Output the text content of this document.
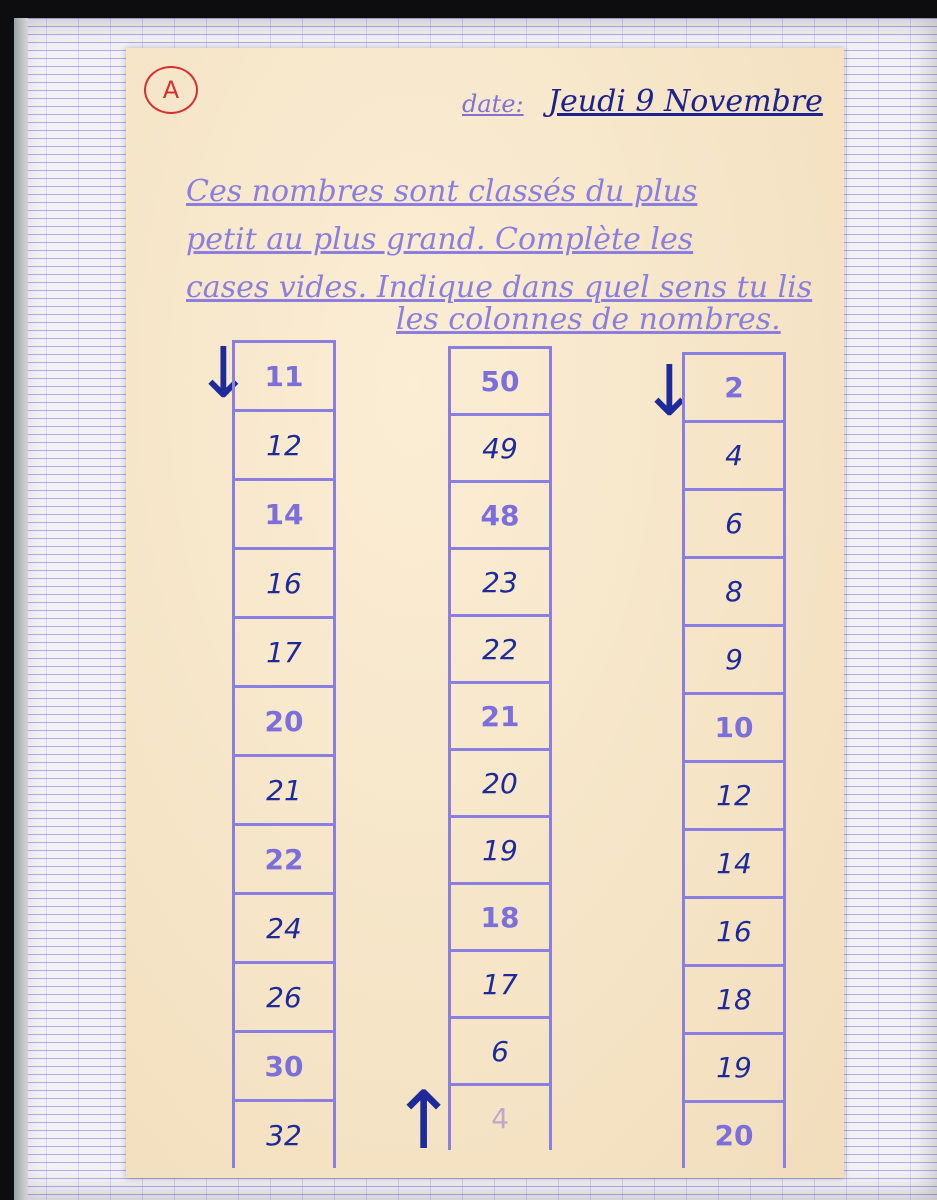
A	date: Jeudi 9 Novembre
Ces nombres sont classés du plus
petit au plus grand. Complète les
cases vides. Indique dans quel sens tu lis
les colonnes de nombres.
↓
↑
↓
11
12
14
16
17
20
21
22
24
26
30
32
50
49
48
23
22
21
20
19
18
17
6
4
2
4
6
8
9
10
12
14
16
18
19
20
